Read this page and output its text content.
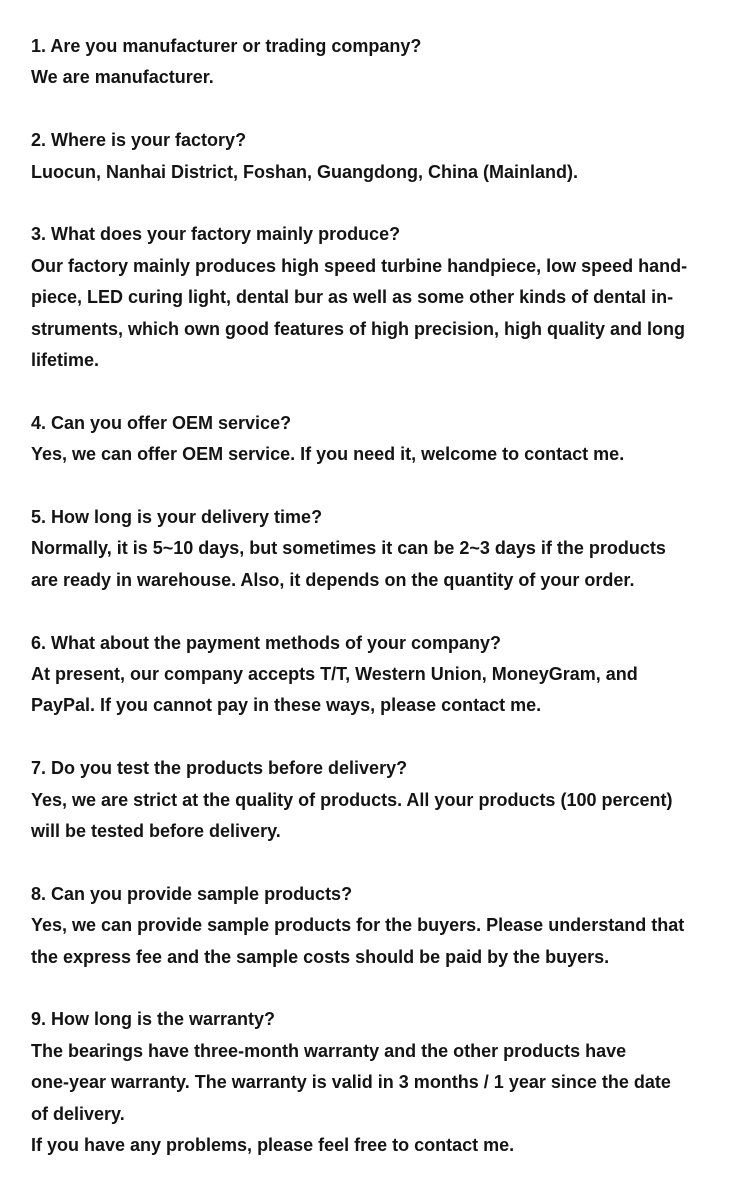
1. Are you manufacturer or trading company?
We are manufacturer.
2. Where is your factory?
Luocun, Nanhai District, Foshan, Guangdong, China (Mainland).
3. What does your factory mainly produce?
Our factory mainly produces high speed turbine handpiece, low speed hand-
piece, LED curing light, dental bur as well as some other kinds of dental in-
struments, which own good features of high precision, high quality and long
lifetime.
4. Can you offer OEM service?
Yes, we can offer OEM service. If you need it, welcome to contact me.
5. How long is your delivery time?
Normally, it is 5~10 days, but sometimes it can be 2~3 days if the products
are ready in warehouse. Also, it depends on the quantity of your order.
6. What about the payment methods of your company?
At present, our company accepts T/T, Western Union, MoneyGram, and
PayPal. If you cannot pay in these ways, please contact me.
7. Do you test the products before delivery?
Yes, we are strict at the quality of products. All your products (100 percent)
will be tested before delivery.
8. Can you provide sample products?
Yes, we can provide sample products for the buyers. Please understand that
the express fee and the sample costs should be paid by the buyers.
9. How long is the warranty?
The bearings have three-month warranty and the other products have
one-year warranty. The warranty is valid in 3 months / 1 year since the date
of delivery.
If you have any problems, please feel free to contact me.
